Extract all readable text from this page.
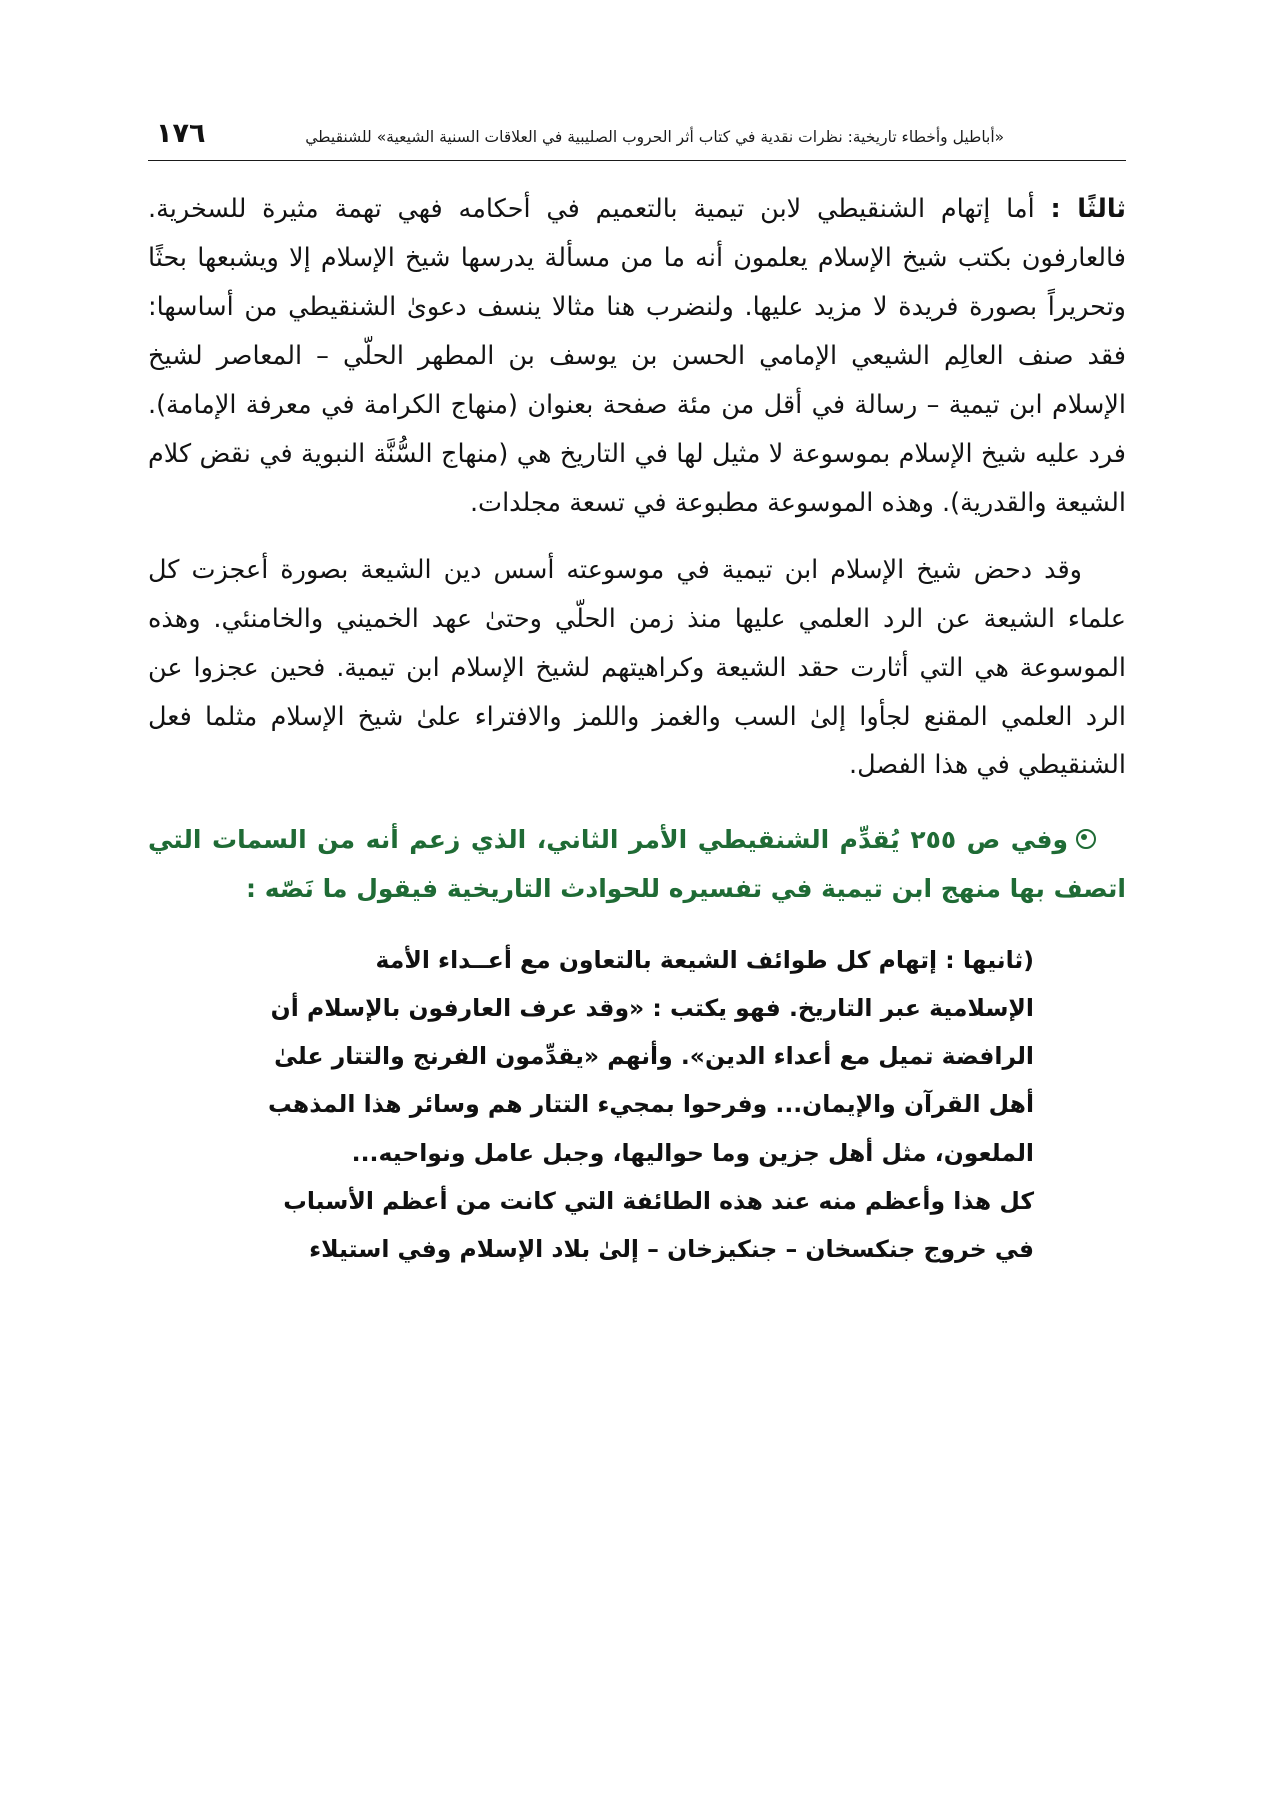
«أباطيل وأخطاء تاريخية: نظرات نقدية في كتاب أثر الحروب الصليبية في العلاقات السنية الشيعية» للشنقيطي
١٧٦

ثالثًا : أما إتهام الشنقيطي لابن تيمية بالتعميم في أحكامه فهي تهمة مثيرة للسخرية. فالعارفون بكتب شيخ الإسلام يعلمون أنه ما من مسألة يدرسها شيخ الإسلام إلا ويشبعها بحثًا وتحريراً بصورة فريدة لا مزيد عليها. ولنضرب هنا مثالا ينسف دعوىٰ الشنقيطي من أساسها: فقد صنف العالِم الشيعي الإمامي الحسن بن يوسف بن المطهر الحلّي – المعاصر لشيخ الإسلام ابن تيمية – رسالة في أقل من مئة صفحة بعنوان (منهاج الكرامة في معرفة الإمامة). فرد عليه شيخ الإسلام بموسوعة لا مثيل لها في التاريخ هي (منهاج السُّنَّة النبوية في نقض كلام الشيعة والقدرية). وهذه الموسوعة مطبوعة في تسعة مجلدات.

وقد دحض شيخ الإسلام ابن تيمية في موسوعته أسس دين الشيعة بصورة أعجزت كل علماء الشيعة عن الرد العلمي عليها منذ زمن الحلّي وحتىٰ عهد الخميني والخامنئي. وهذه الموسوعة هي التي أثارت حقد الشيعة وكراهيتهم لشيخ الإسلام ابن تيمية. فحين عجزوا عن الرد العلمي المقنع لجأوا إلىٰ السب والغمز واللمز والافتراء علىٰ شيخ الإسلام مثلما فعل الشنقيطي في هذا الفصل.

وفي ص ٢٥٥ يُقدِّم الشنقيطي الأمر الثاني، الذي زعم أنه من السمات التي اتصف بها منهج ابن تيمية في تفسيره للحوادث التاريخية فيقول ما نَصّه :

(ثانيها : إتهام كل طوائف الشيعة بالتعاون مع أعــداء الأمة

الإسلامية عبر التاريخ. فهو يكتب : «وقد عرف العارفون بالإسلام أن

الرافضة تميل مع أعداء الدين». وأنهم «يقدِّمون الفرنج والتتار علىٰ

أهل القرآن والإيمان... وفرحوا بمجيء التتار هم وسائر هذا المذهب

الملعون، مثل أهل جزين وما حواليها، وجبل عامل ونواحيه...

كل هذا وأعظم منه عند هذه الطائفة التي كانت من أعظم الأسباب

في خروج جنكسخان – جنكيزخان – إلىٰ بلاد الإسلام وفي استيلاء
